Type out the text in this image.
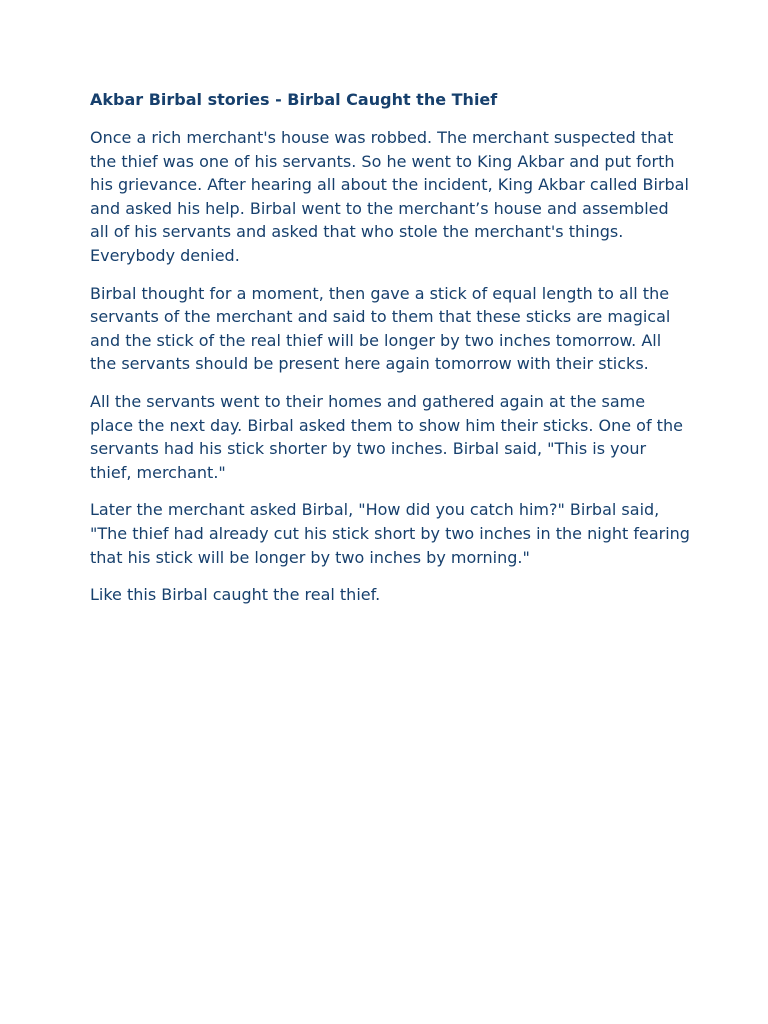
Akbar Birbal stories - Birbal Caught the Thief

Once a rich merchant's house was robbed. The merchant suspected that the thief was one of his servants. So he went to King Akbar and put forth his grievance. After hearing all about the incident, King Akbar called Birbal and asked his help. Birbal went to the merchant’s house and assembled all of his servants and asked that who stole the merchant's things. Everybody denied.

Birbal thought for a moment, then gave a stick of equal length to all the servants of the merchant and said to them that these sticks are magical and the stick of the real thief will be longer by two inches tomorrow. All the servants should be present here again tomorrow with their sticks.

All the servants went to their homes and gathered again at the same place the next day. Birbal asked them to show him their sticks. One of the servants had his stick shorter by two inches. Birbal said, "This is your thief, merchant."

Later the merchant asked Birbal, "How did you catch him?" Birbal said, "The thief had already cut his stick short by two inches in the night fearing that his stick will be longer by two inches by morning."

Like this Birbal caught the real thief.
